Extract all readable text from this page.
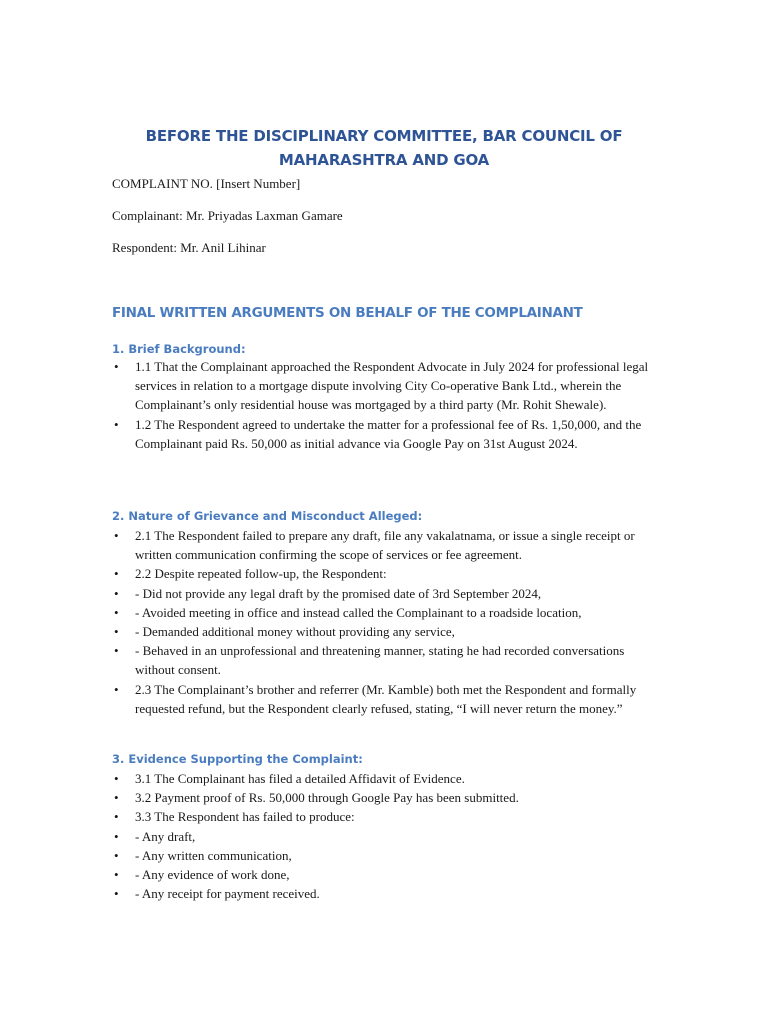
BEFORE THE DISCIPLINARY COMMITTEE, BAR COUNCIL OF
MAHARASHTRA AND GOA
COMPLAINT NO. [Insert Number]
Complainant: Mr. Priyadas Laxman Gamare
Respondent: Mr. Anil Lihinar
FINAL WRITTEN ARGUMENTS ON BEHALF OF THE COMPLAINANT
1. Brief Background:
• 1.1 That the Complainant approached the Respondent Advocate in July 2024 for professional legal services in relation to a mortgage dispute involving City Co-operative Bank Ltd., wherein the Complainant’s only residential house was mortgaged by a third party (Mr. Rohit Shewale).
• 1.2 The Respondent agreed to undertake the matter for a professional fee of Rs. 1,50,000, and the Complainant paid Rs. 50,000 as initial advance via Google Pay on 31st August 2024.
2. Nature of Grievance and Misconduct Alleged:
• 2.1 The Respondent failed to prepare any draft, file any vakalatnama, or issue a single receipt or written communication confirming the scope of services or fee agreement.
• 2.2 Despite repeated follow-up, the Respondent:
• - Did not provide any legal draft by the promised date of 3rd September 2024,
• - Avoided meeting in office and instead called the Complainant to a roadside location,
• - Demanded additional money without providing any service,
• - Behaved in an unprofessional and threatening manner, stating he had recorded conversations without consent.
• 2.3 The Complainant’s brother and referrer (Mr. Kamble) both met the Respondent and formally requested refund, but the Respondent clearly refused, stating, “I will never return the money.”
3. Evidence Supporting the Complaint:
• 3.1 The Complainant has filed a detailed Affidavit of Evidence.
• 3.2 Payment proof of Rs. 50,000 through Google Pay has been submitted.
• 3.3 The Respondent has failed to produce:
• - Any draft,
• - Any written communication,
• - Any evidence of work done,
• - Any receipt for payment received.
